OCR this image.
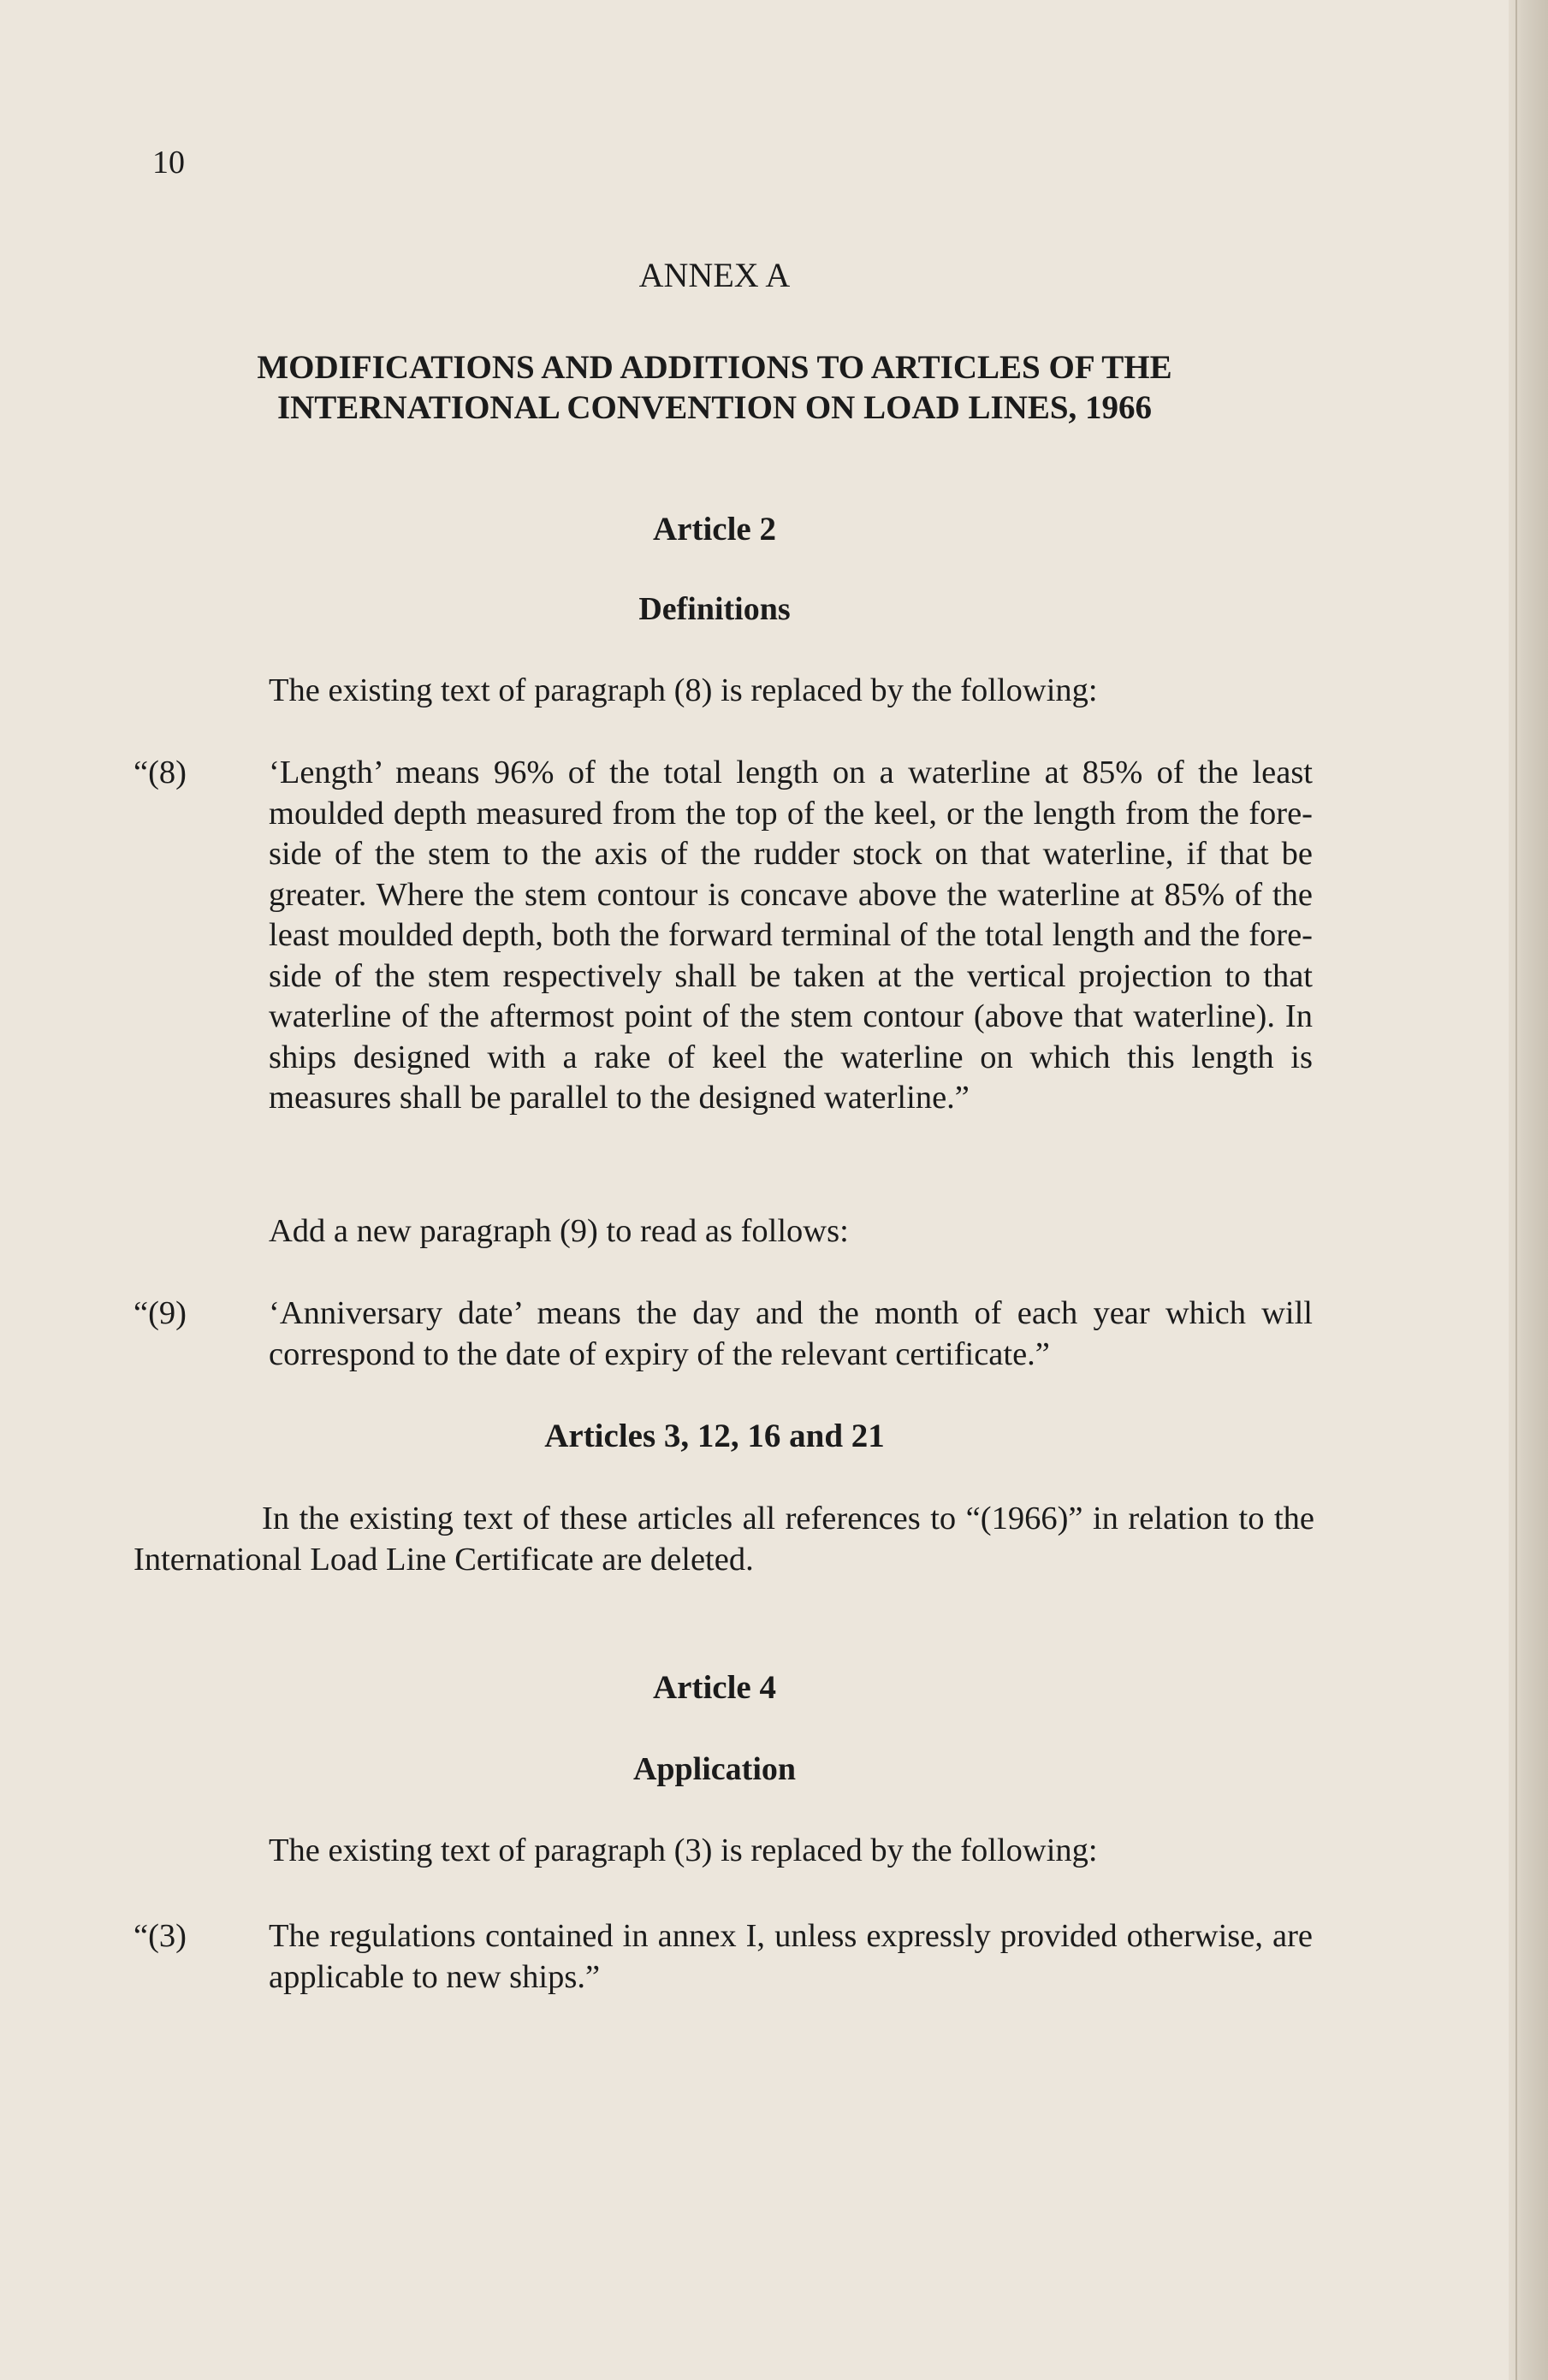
10
ANNEX A
MODIFICATIONS AND ADDITIONS TO ARTICLES OF THE
INTERNATIONAL CONVENTION ON LOAD LINES, 1966
Article 2
Definitions
The existing text of paragraph (8) is replaced by the following:
“(8) ‘Length’ means 96% of the total length on a waterline at 85% of the least moulded depth measured from the top of the keel, or the length from the fore-side of the stem to the axis of the rudder stock on that waterline, if that be greater. Where the stem contour is concave above the waterline at 85% of the least moulded depth, both the forward terminal of the total length and the fore-side of the stem respectively shall be taken at the vertical projection to that waterline of the aftermost point of the stem contour (above that waterline). In ships designed with a rake of keel the waterline on which this length is measures shall be parallel to the designed waterline.”
Add a new paragraph (9) to read as follows:
“(9) ‘Anniversary date’ means the day and the month of each year which will correspond to the date of expiry of the relevant certificate.”
Articles 3, 12, 16 and 21
In the existing text of these articles all references to “(1966)” in relation to the International Load Line Certificate are deleted.
Article 4
Application
The existing text of paragraph (3) is replaced by the following:
“(3) The regulations contained in annex I, unless expressly provided otherwise, are applicable to new ships.”
